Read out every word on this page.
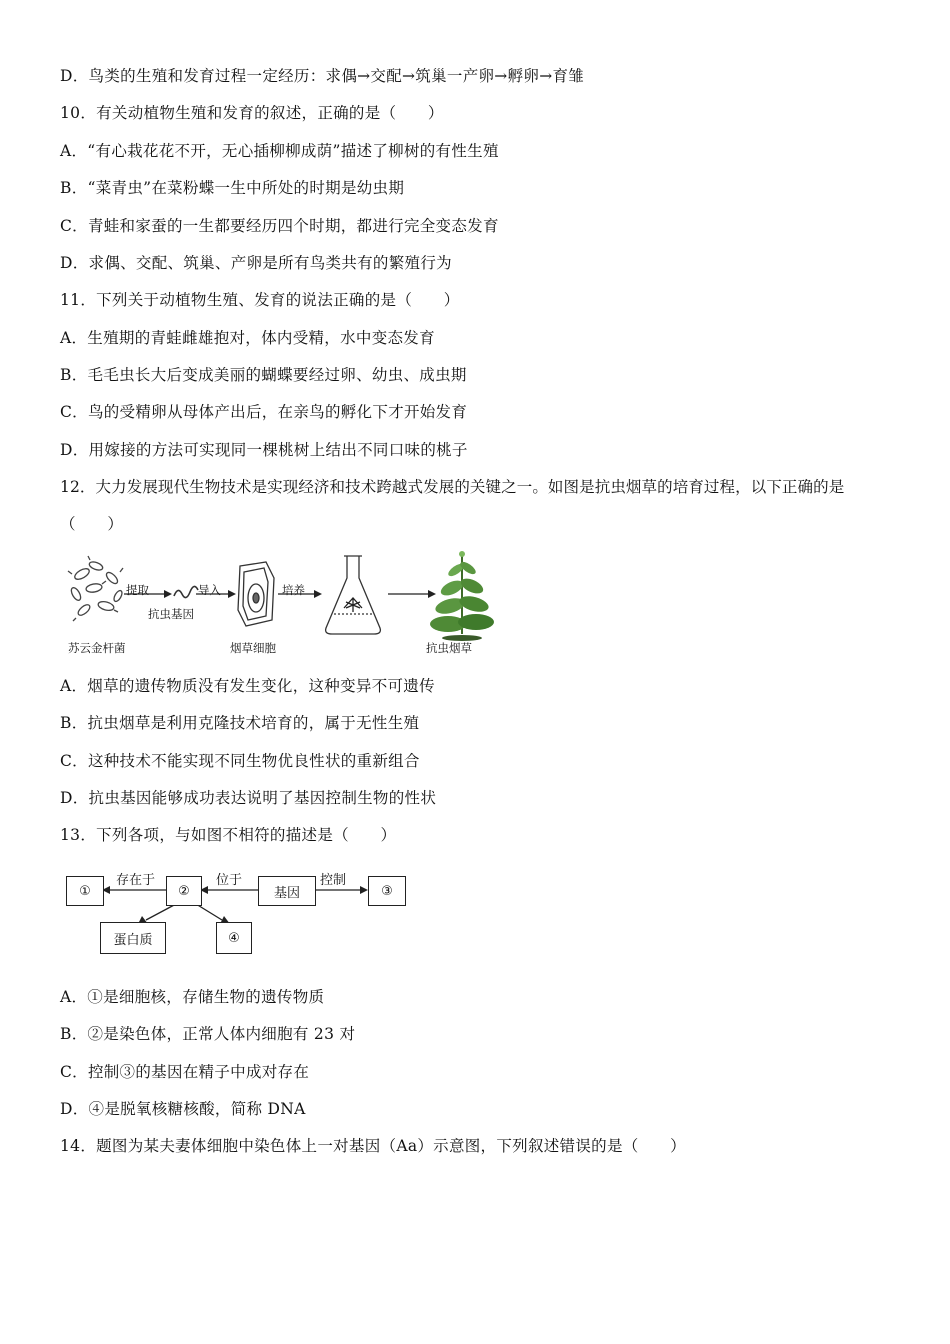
D．鸟类的生殖和发育过程一定经历：求偶→交配→筑巢一产卵→孵卵→育雏
10．有关动植物生殖和发育的叙述，正确的是（　　）
A．“有心栽花花不开，无心插柳柳成荫”描述了柳树的有性生殖
B．“菜青虫”在菜粉蝶一生中所处的时期是幼虫期
C．青蛙和家蚕的一生都要经历四个时期，都进行完全变态发育
D．求偶、交配、筑巢、产卵是所有鸟类共有的繁殖行为
11．下列关于动植物生殖、发育的说法正确的是（　　）
A．生殖期的青蛙雌雄抱对，体内受精，水中变态发育
B．毛毛虫长大后变成美丽的蝴蝶要经过卵、幼虫、成虫期
C．鸟的受精卵从母体产出后，在亲鸟的孵化下才开始发育
D．用嫁接的方法可实现同一棵桃树上结出不同口味的桃子
12．大力发展现代生物技术是实现经济和技术跨越式发展的关键之一。如图是抗虫烟草的培育过程，以下正确的是
（　　）
提取	导入	培养
苏云金杆菌
抗虫基因
烟草细胞	抗虫烟草
A．烟草的遗传物质没有发生变化，这种变异不可遗传
B．抗虫烟草是利用克隆技术培育的，属于无性生殖
C．这种技术不能实现不同生物优良性状的重新组合
D．抗虫基因能够成功表达说明了基因控制生物的性状
13．下列各项，与如图不相符的描述是（　　）
①	②	基因	③
蛋白质	④
存在于	位于	控制
A．①是细胞核，存储生物的遗传物质
B．②是染色体，正常人体内细胞有 23 对
C．控制③的基因在精子中成对存在
D．④是脱氧核糖核酸，简称 DNA
14．题图为某夫妻体细胞中染色体上一对基因（Aa）示意图，下列叙述错误的是（　　）
